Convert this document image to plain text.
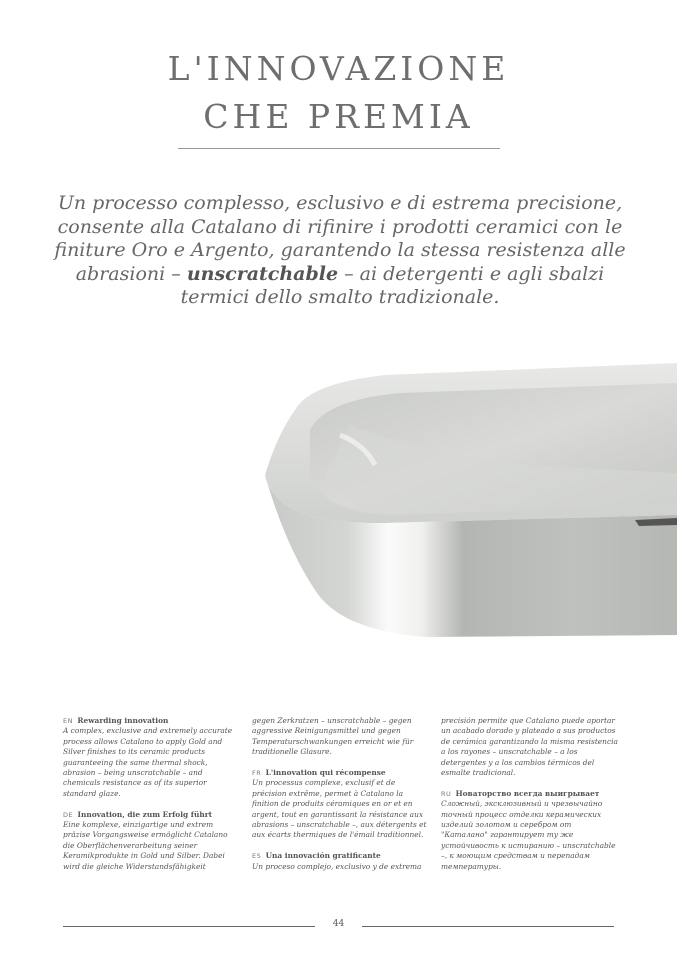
L'INNOVAZIONE
CHE PREMIA
Un processo complesso, esclusivo e di estrema precisione, consente alla Catalano di rifinire i prodotti ceramici con le finiture Oro e Argento, garantendo la stessa resistenza alle abrasioni – unscratchable – ai detergenti e agli sbalzi termici dello smalto tradizionale.

EN Rewarding innovation
A complex, exclusive and extremely accurate process allows Catalano to apply Gold and Silver finishes to its ceramic products guaranteeing the same thermal shock, abrasion – being unscratchable – and chemicals resistance as of its superior standard glaze.

DE Innovation, die zum Erfolg führt
Eine komplexe, einzigartige und extrem präzise Vorgangsweise ermöglicht Catalano die Oberflächenverarbeitung seiner Keramikprodukte in Gold und Silber. Dabei wird die gleiche Widerstandsfähigkeit

gegen Zerkratzen – unscratchable – gegen aggressive Reinigungsmittel und gegen Temperaturschwankungen erreicht wie für traditionelle Glasure.

FR L'innovation qui récompense
Un processus complexe, exclusif et de précision extrême, permet à Catalano la finition de produits céramiques en or et en argent, tout en garantissant la résistance aux abrasions – unscratchable –, aux détergents et aux écarts thermiques de l'émail traditionnel.

ES Una innovación gratificante
Un proceso complejo, exclusivo y de extrema

precisión permite que Catalano puede aportar un acabado dorado y plateado a sus productos de cerámica garantizando la misma resistencia a los rayones – unscratchable – a los detergentes y a los cambios térmicos del esmalte tradicional.

RU Новаторство всегда выигрывает
Сложный, эксклюзивный и чрезвычайно точный процесс отделки керамических изделий золотом и серебром от "Каталано" гарантирует ту же устойчивость к истиранию – unscratchable –, к моющим средствам и перепадам температуры.

44
